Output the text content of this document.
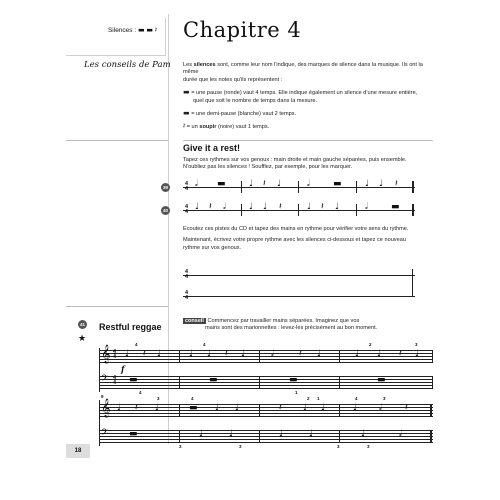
Silences : ▬ ▬ 𝄽
Les conseils de Pam
Chapitre 4
Les silences sont, comme leur nom l'indique, des marques de silence dans la musique. Ils ont la même
durée que les notes qu'ils représentent :
▬ = une pause (ronde) vaut 4 temps. Elle indique également un silence d'une mesure entière,
quel que soit le nombre de temps dans la mesure.
▬ = une demi-pause (blanche) vaut 2 temps.
𝄽 = un soupir (noire) vaut 1 temps.
Give it a rest!
Tapez ces rythmes sur vos genoux : main droite et main gauche séparées, puis ensemble.
N'oubliez pas les silences ! Soufflez, par exemple, pour les marquer.
39
4
4 𝅗𝅥 ▬	♩ 𝄽 ♩	𝅗𝅥	▬	♩ ♩ 𝄽
40
4
4 ♩ 𝄽 𝅗𝅥	♩ ♩ 𝄽	♩ 𝄽 ♩	𝅗𝅥	▬
Ecoutez ces pistes du CD et tapez des mains en rythme pour vérifier votre sens du rythme.
Maintenant, écrivez votre propre rythme avec les silences ci-dessous et tapez ce nouveau
rythme sur vos genoux.
4
4
4
4
41
★
Restful reggae
conseil Commencez par travailler mains séparées. Imaginez que vos
mains sont des marionnettes : levez-les précisément au bon moment.
𝄞 4
4 ♩ 𝄽 ♩	♩ ♩ 𝄽 ♩	𝅗𝅥	𝄽 ♩	♩ ♩ 𝄽 ♩
4	4	2	3
f
𝄢 4
4 ▬	▬	▬	▬
4	1
9
𝄞 ♩ 𝄽 ♩	▬ ♩ ♩	𝄽 ♩ ♩	♩ 𝅗𝅥	𝄽
3	4	2 1	4	3
𝄢 ▬	♩	♩	♩	♩	♩	𝅗𝅥
3	3	3	3
18
